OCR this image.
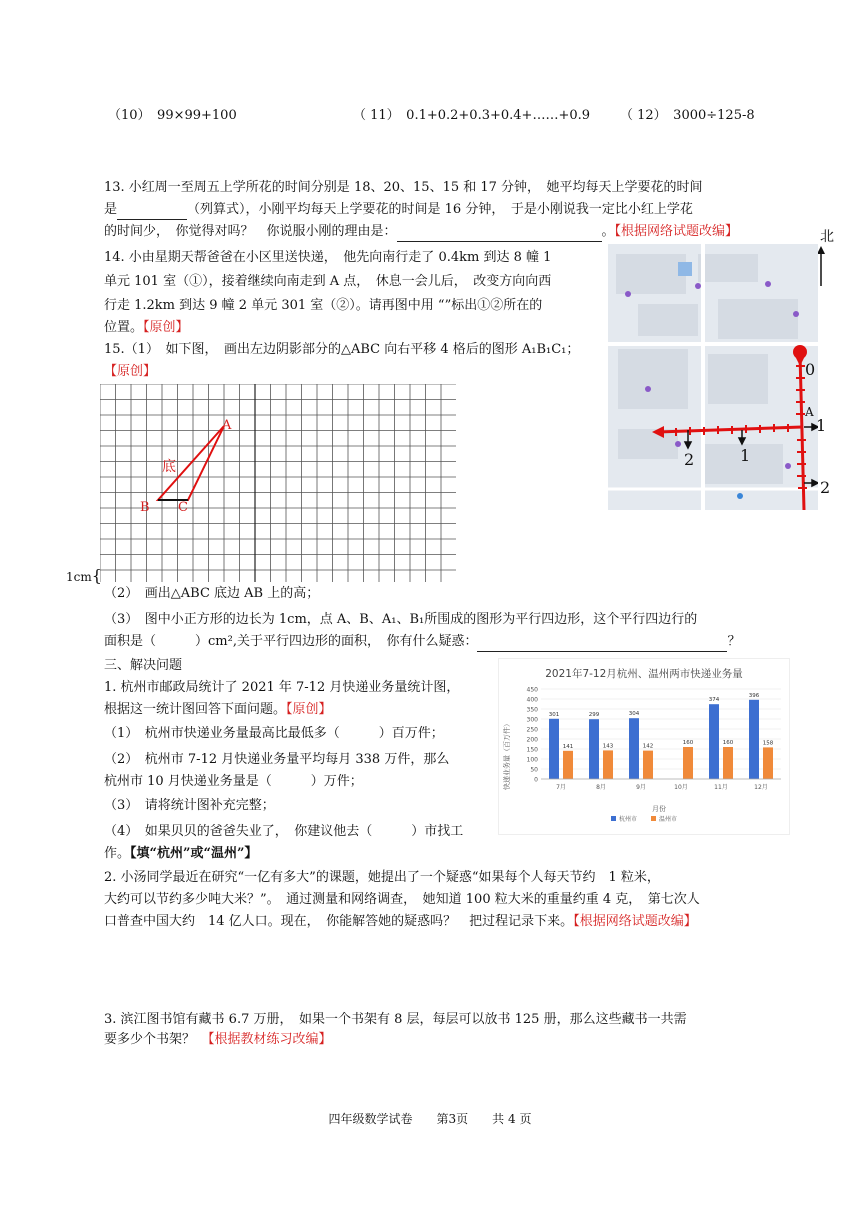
（10）　99×99+100	（ 11）　0.1+0.2+0.3+0.4+……+0.9 （ 12）　3000÷125-8
13. 小红周一至周五上学所花的时间分别是 18、20、15、15 和 17 分钟，　她平均每天上学要花的时间
是	（列算式），小刚平均每天上学要花的时间是 16 分钟，　于是小刚说我一定比小红上学花
的时间少，　你觉得对吗？　你说服小刚的理由是：	。【根据网络试题改编】
14. 小由星期天帮爸爸在小区里送快递，　他先向南行走了 0.4km 到达 8 幢 1
单元 101 室（①），接着继续向南走到 A 点，　休息一会儿后，　改变方向向西
行走 1.2km 到达 9 幢 2 单元 301 室（②）。请再图中用 “”标出①②所在的
位置。【原创】
北
0
A
1
2
1
2
15.（1）　如下图，　画出左边阴影部分的△ABC 向右平移 4 格后的图形 A₁B₁C₁；
【原创】
A
B C
底
1cm{
（2）　画出△ABC 底边 AB 上的高；
（3）　图中小正方形的边长为 1cm，点 A、B、A₁、B₁所围成的图形为平行四边形，这个平行四边行的
面积是（　　　）cm²,关于平行四边形的面积，　你有什么疑惑：	？
三、解决问题
1. 杭州市邮政局统计了 2021 年 7-12 月快递业务量统计图，
根据这一统计图回答下面问题。【原创】
（1）　杭州市快递业务量最高比最低多（　　　）百万件；
（2）　杭州市 7-12 月快递业务量平均每月 338 万件，那么
杭州市 10 月快递业务量是（　　　）万件；
（3）　请将统计图补充完整；
（4）　如果贝贝的爸爸失业了，　你建议他去（　　　）市找工
作。【填“杭州”或“温州”】
2021年7-12月杭州、温州两市快递业务量
0
50
100
150
200
250
300
350
400
450
301
141
299
143
304
142
160
374
160
396
158
7月	8月	9月	10月	11月	12月
快递业务量（百万件）
月份
杭州市	温州市
2. 小汤同学最近在研究“一亿有多大”的课题，她提出了一个疑惑“如果每个人每天节约　1 粒米，
大约可以节约多少吨大米？”。　通过测量和网络调查，　她知道 100 粒大米的重量约重 4 克，　第七次人
口普查中国大约　14 亿人口。现在，　你能解答她的疑惑吗？　把过程记录下来。【根据网络试题改编】
3. 滨江图书馆有藏书 6.7 万册，　如果一个书架有 8 层，每层可以放书 125 册，那么这些藏书一共需
要多少个书架？　 【根据教材练习改编】
四年级数学试卷　　第3页　　共 4 页
